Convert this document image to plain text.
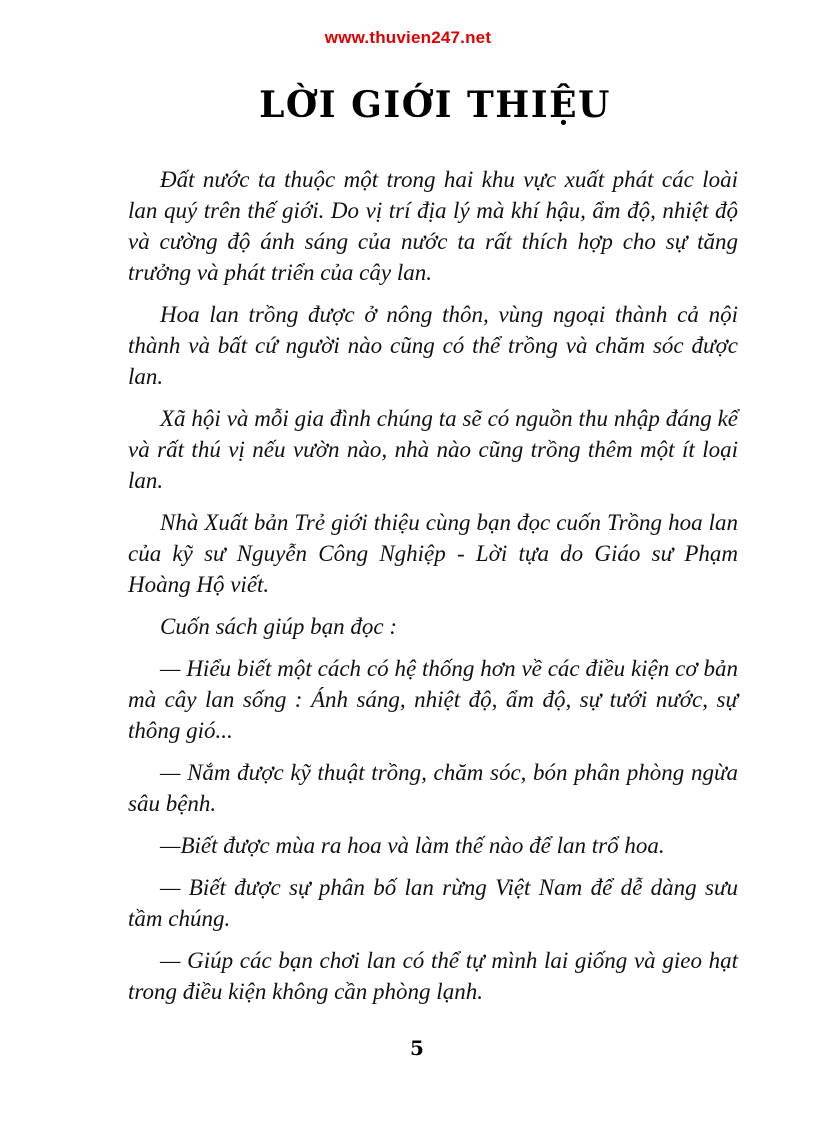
www.thuvien247.net
LỜI GIỚI THIỆU

Đất nước ta thuộc một trong hai khu vực xuất phát các loài lan quý trên thế giới. Do vị trí địa lý mà khí hậu, ẩm độ, nhiệt độ và cường độ ánh sáng của nước ta rất thích hợp cho sự tăng trưởng và phát triển của cây lan.

Hoa lan trồng được ở nông thôn, vùng ngoại thành cả nội thành và bất cứ người nào cũng có thể trồng và chăm sóc được lan.

Xã hội và mỗi gia đình chúng ta sẽ có nguồn thu nhập đáng kể và rất thú vị nếu vườn nào, nhà nào cũng trồng thêm một ít loại lan.

Nhà Xuất bản Trẻ giới thiệu cùng bạn đọc cuốn Trồng hoa lan của kỹ sư Nguyễn Công Nghiệp - Lời tựa do Giáo sư Phạm Hoàng Hộ viết.

Cuốn sách giúp bạn đọc :

— Hiểu biết một cách có hệ thống hơn về các điều kiện cơ bản mà cây lan sống : Ánh sáng, nhiệt độ, ẩm độ, sự tưới nước, sự thông gió...

— Nắm được kỹ thuật trồng, chăm sóc, bón phân phòng ngừa sâu bệnh.

—Biết được mùa ra hoa và làm thế nào để lan trổ hoa.

— Biết được sự phân bố lan rừng Việt Nam để dễ dàng sưu tầm chúng.

— Giúp các bạn chơi lan có thể tự mình lai giống và gieo hạt trong điều kiện không cần phòng lạnh.

5
